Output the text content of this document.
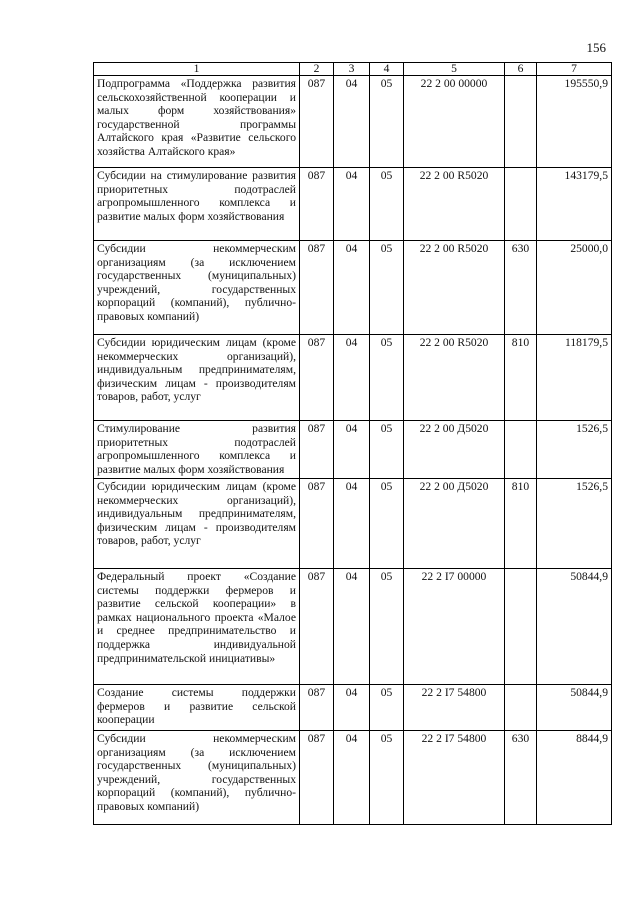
156
1	2	3	4	5	6	7
Подпрограмма «Поддержка развития сельскохозяйственной кооперации и малых форм хозяйствования» государственной программы Алтайского края «Развитие сельского хозяйства Алтайского края»	087	04	05	22 2 00 00000		195550,9
Субсидии на стимулирование развития приоритетных подотраслей агропромышленного комплекса и развитие малых форм хозяйствования	087	04	05	22 2 00 R5020		143179,5
Субсидии некоммерческим организациям (за исключением государственных (муниципальных) учреждений, государственных корпораций (компаний), публично-правовых компаний)	087	04	05	22 2 00 R5020	630	25000,0
Субсидии юридическим лицам (кроме некоммерческих организаций), индивидуальным предпринимателям, физическим лицам - производителям товаров, работ, услуг	087	04	05	22 2 00 R5020	810	118179,5
Стимулирование развития приоритетных подотраслей агропромышленного комплекса и развитие малых форм хозяйствования	087	04	05	22 2 00 Д5020		1526,5
Субсидии юридическим лицам (кроме некоммерческих организаций), индивидуальным предпринимателям, физическим лицам - производителям товаров, работ, услуг	087	04	05	22 2 00 Д5020	810	1526,5
Федеральный проект «Создание системы поддержки фермеров и развитие сельской кооперации» в рамках национального проекта «Малое и среднее предпринимательство и поддержка индивидуальной предпринимательской инициативы»	087	04	05	22 2 I7 00000		50844,9
Создание системы поддержки фермеров и развитие сельской кооперации	087	04	05	22 2 I7 54800		50844,9
Субсидии некоммерческим организациям (за исключением государственных (муниципальных) учреждений, государственных корпораций (компаний), публично-правовых компаний)	087	04	05	22 2 I7 54800	630	8844,9
